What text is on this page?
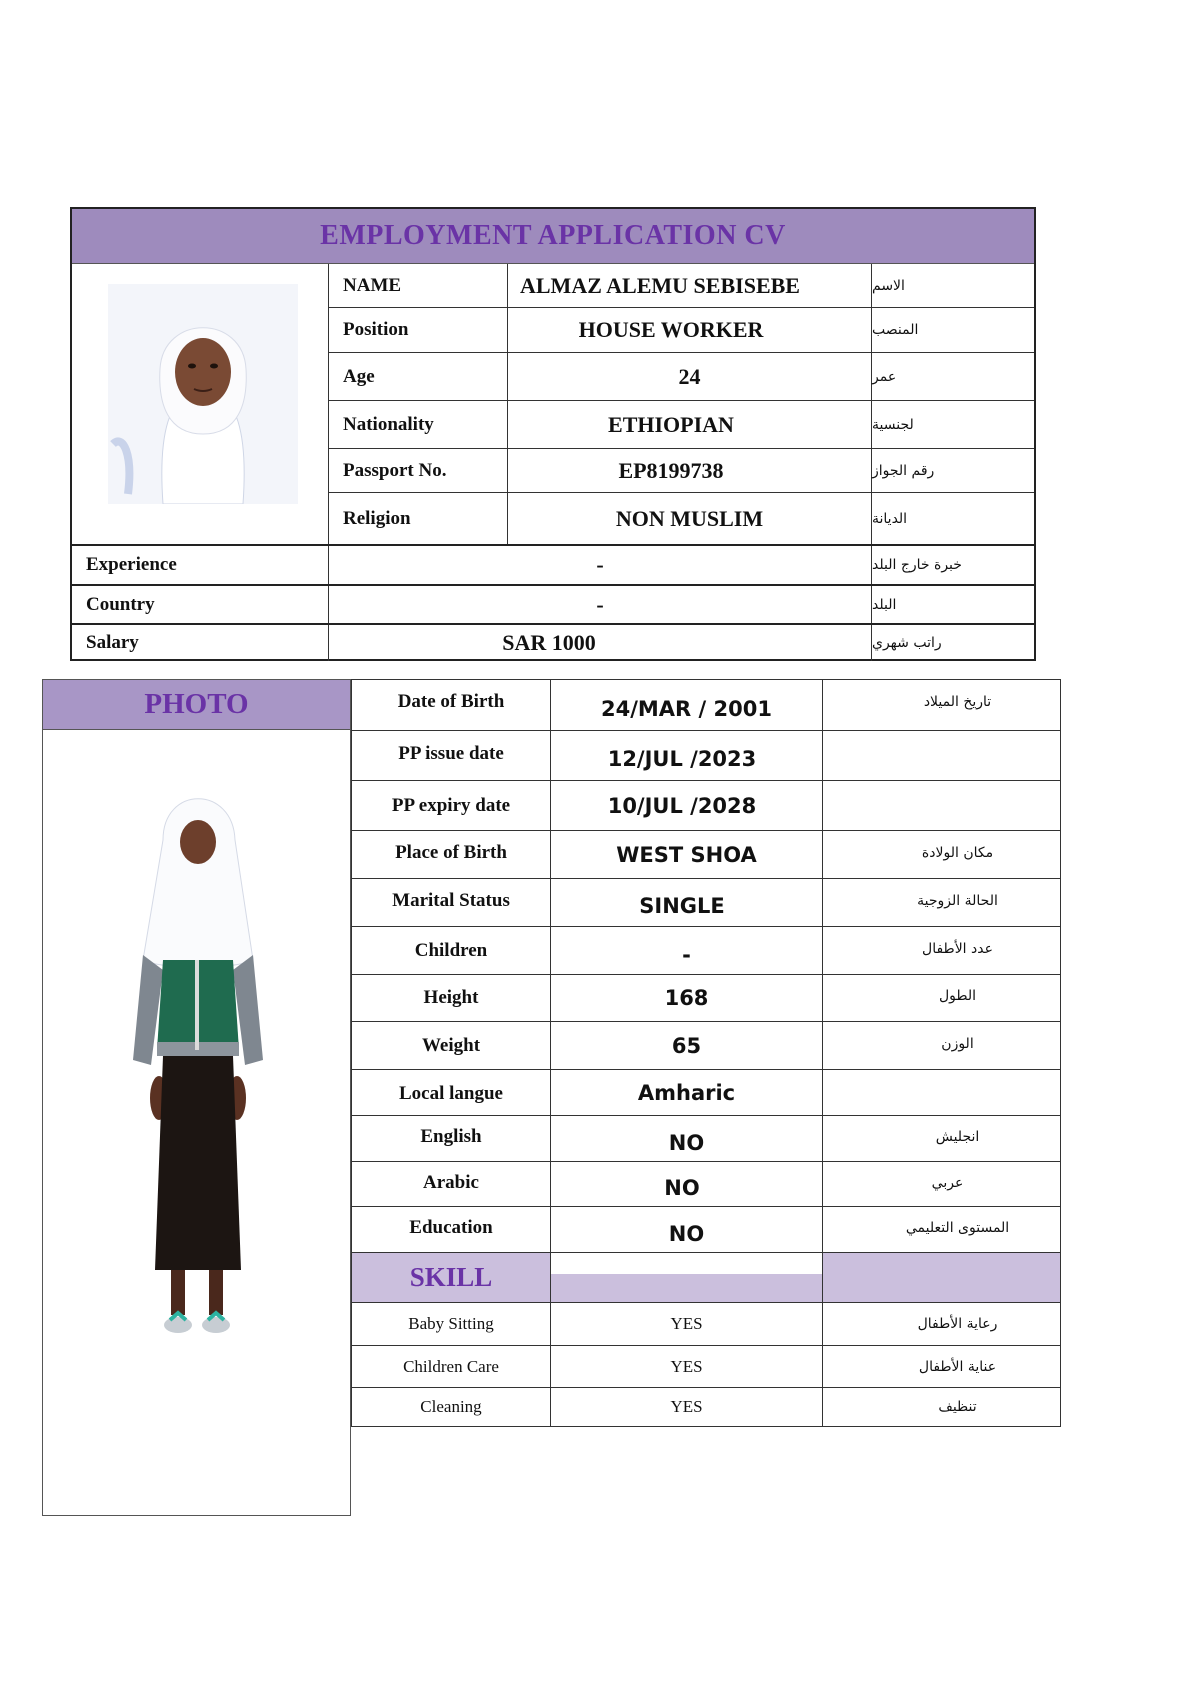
EMPLOYMENT APPLICATION CV
NAME	ALMAZ ALEMU SEBISEBE	الاسم
Position	HOUSE WORKER	المنصب
Age	24	عمر
Nationality	ETHIOPIAN	لجنسية
Passport No.	EP8199738	رقم الجواز
Religion	NON MUSLIM	الديانة
Experience	-	خبرة خارج البلد
Country	-	البلد
Salary	SAR 1000	راتب شهري
PHOTO	Date of Birth	24/MAR / 2001	تاريخ الميلاد
PP issue date	12/JUL /2023
PP expiry date	10/JUL /2028
Place of Birth	WEST SHOA	مكان الولادة
Marital Status	SINGLE	الحالة الزوجية
Children	-	عدد الأطفال
Height	168	الطول
Weight	65	الوزن
Local langue	Amharic
English	NO	انجليش
Arabic	NO	عربي
Education	NO	المستوى التعليمي
SKILL
Baby Sitting	YES	رعاية الأطفال
Children Care	YES	عناية الأطفال
Cleaning	YES	تنظيف
